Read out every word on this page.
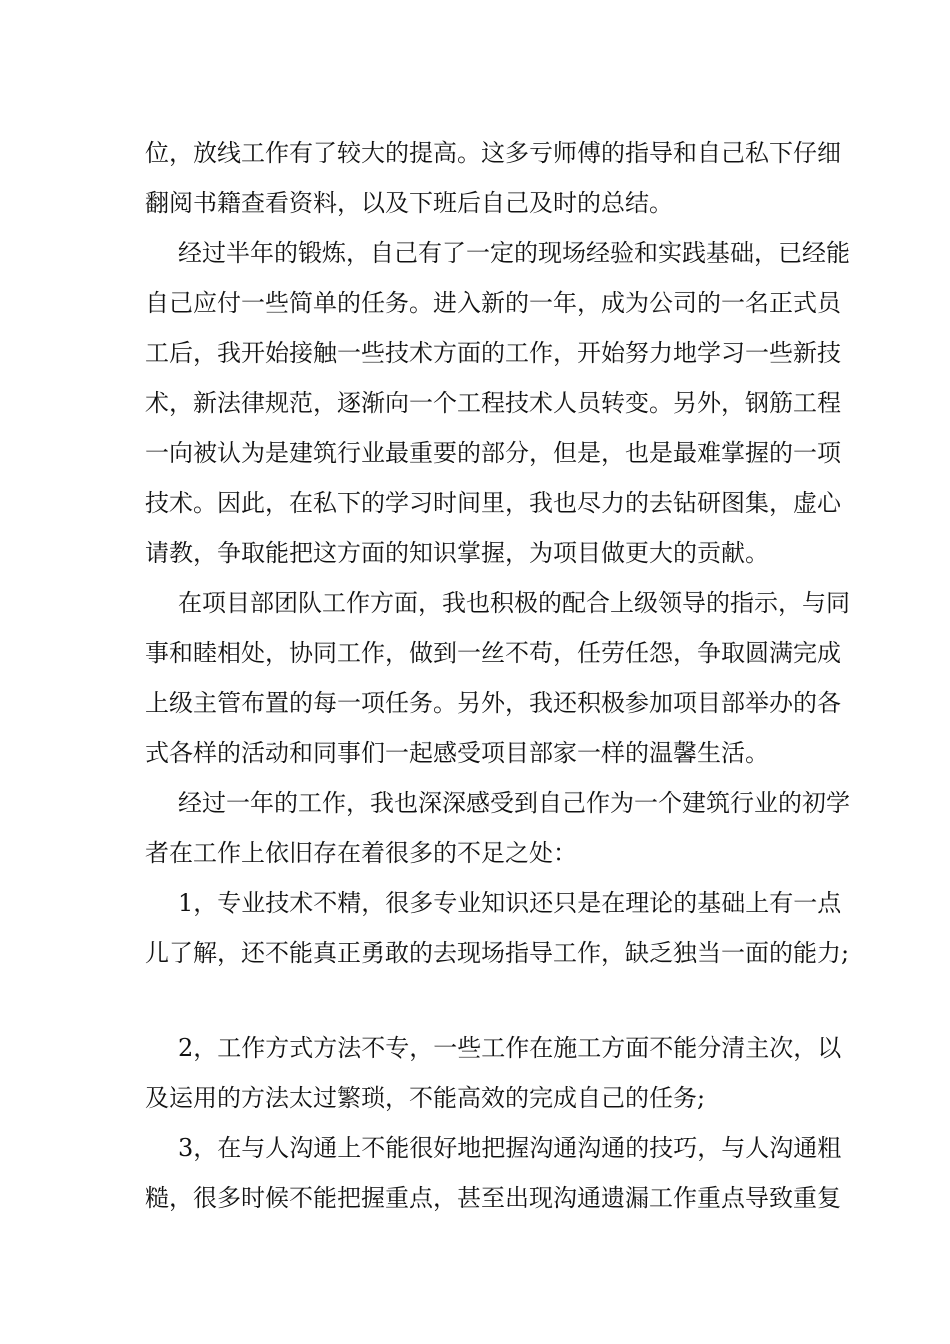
位，放线工作有了较大的提高。这多亏师傅的指导和自己私下仔细
翻阅书籍查看资料，以及下班后自己及时的总结。
经过半年的锻炼，自己有了一定的现场经验和实践基础，已经能
自己应付一些简单的任务。进入新的一年，成为公司的一名正式员
工后，我开始接触一些技术方面的工作，开始努力地学习一些新技
术，新法律规范，逐渐向一个工程技术人员转变。另外，钢筋工程
一向被认为是建筑行业最重要的部分，但是，也是最难掌握的一项
技术。因此，在私下的学习时间里，我也尽力的去钻研图集，虚心
请教，争取能把这方面的知识掌握，为项目做更大的贡献。
在项目部团队工作方面，我也积极的配合上级领导的指示，与同
事和睦相处，协同工作，做到一丝不苟，任劳任怨，争取圆满完成
上级主管布置的每一项任务。另外，我还积极参加项目部举办的各
式各样的活动和同事们一起感受项目部家一样的温馨生活。
经过一年的工作，我也深深感受到自己作为一个建筑行业的初学
者在工作上依旧存在着很多的不足之处：
1，专业技术不精，很多专业知识还只是在理论的基础上有一点
儿了解，还不能真正勇敢的去现场指导工作，缺乏独当一面的能力;
2，工作方式方法不专，一些工作在施工方面不能分清主次，以
及运用的方法太过繁琐，不能高效的完成自己的任务;
3，在与人沟通上不能很好地把握沟通沟通的技巧，与人沟通粗
糙，很多时候不能把握重点，甚至出现沟通遗漏工作重点导致重复
